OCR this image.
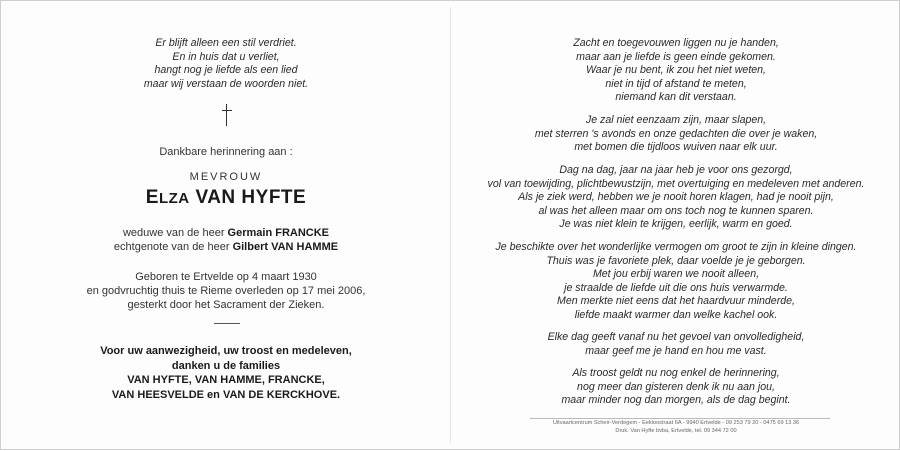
Er blijft alleen een stil verdriet.
En in huis dat u verliet,
hangt nog je liefde als een lied
maar wij verstaan de woorden niet.
Dankbare herinnering aan :
MEVROUW
ELZA VAN HYFTE
weduwe van de heer Germain FRANCKE
echtgenote van de heer Gilbert VAN HAMME
Geboren te Ertvelde op 4 maart 1930
en godvruchtig thuis te Rieme overleden op 17 mei 2006,
gesterkt door het Sacrament der Zieken.
Voor uw aanwezigheid, uw troost en medeleven,
danken u de families
VAN HYFTE, VAN HAMME, FRANCKE,
VAN HEESVELDE en VAN DE KERCKHOVE.
Zacht en toegevouwen liggen nu je handen,
maar aan je liefde is geen einde gekomen.
Waar je nu bent, ik zou het niet weten,
niet in tijd of afstand te meten,
niemand kan dit verstaan.
Je zal niet eenzaam zijn, maar slapen,
met sterren 's avonds en onze gedachten die over je waken,
met bomen die tijdloos wuiven naar elk uur.
Dag na dag, jaar na jaar heb je voor ons gezorgd,
vol van toewijding, plichtbewustzijn, met overtuiging en medeleven met anderen.
Als je ziek werd, hebben we je nooit horen klagen, had je nooit pijn,
al was het alleen maar om ons toch nog te kunnen sparen.
Je was niet klein te krijgen, eerlijk, warm en goed.
Je beschikte over het wonderlijke vermogen om groot te zijn in kleine dingen.
Thuis was je favoriete plek, daar voelde je je geborgen.
Met jou erbij waren we nooit alleen,
je straalde de liefde uit die ons huis verwarmde.
Men merkte niet eens dat het haardvuur minderde,
liefde maakt warmer dan welke kachel ook.
Elke dag geeft vanaf nu het gevoel van onvolledigheid,
maar geef me je hand en hou me vast.
Als troost geldt nu nog enkel de herinnering,
nog meer dan gisteren denk ik nu aan jou,
maar minder nog dan morgen, als de dag begint.
Uitvaartcentrum Scheir-Verdegem - Eekloostraat 6A - 9940 Ertvelde - 09 253 79 20 - 0475 69 13 36
Druk. Van Hyfte bvba, Ertvelde, tel. 09 344 72 00
